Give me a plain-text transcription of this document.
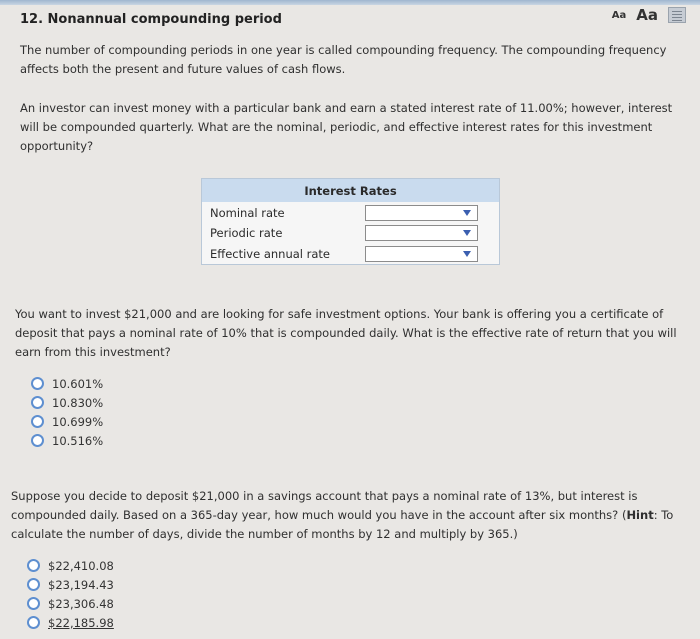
12. Nonannual compounding period	Aa Aa
The number of compounding periods in one year is called compounding frequency. The compounding frequency affects both the present and future values of cash flows.
An investor can invest money with a particular bank and earn a stated interest rate of 11.00%; however, interest will be compounded quarterly. What are the nominal, periodic, and effective interest rates for this investment opportunity?
Interest Rates	
Nominal rate	

Periodic rate	

Effective annual rate	
You want to invest $21,000 and are looking for safe investment options. Your bank is offering you a certificate of deposit that pays a nominal rate of 10% that is compounded daily. What is the effective rate of return that you will earn from this investment?
10.601%
10.830%
10.699%
10.516%
Suppose you decide to deposit $21,000 in a savings account that pays a nominal rate of 13%, but interest is compounded daily. Based on a 365-day year, how much would you have in the account after six months? (Hint: To calculate the number of days, divide the number of months by 12 and multiply by 365.)
$22,410.08
$23,194.43
$23,306.48
$22,185.98
